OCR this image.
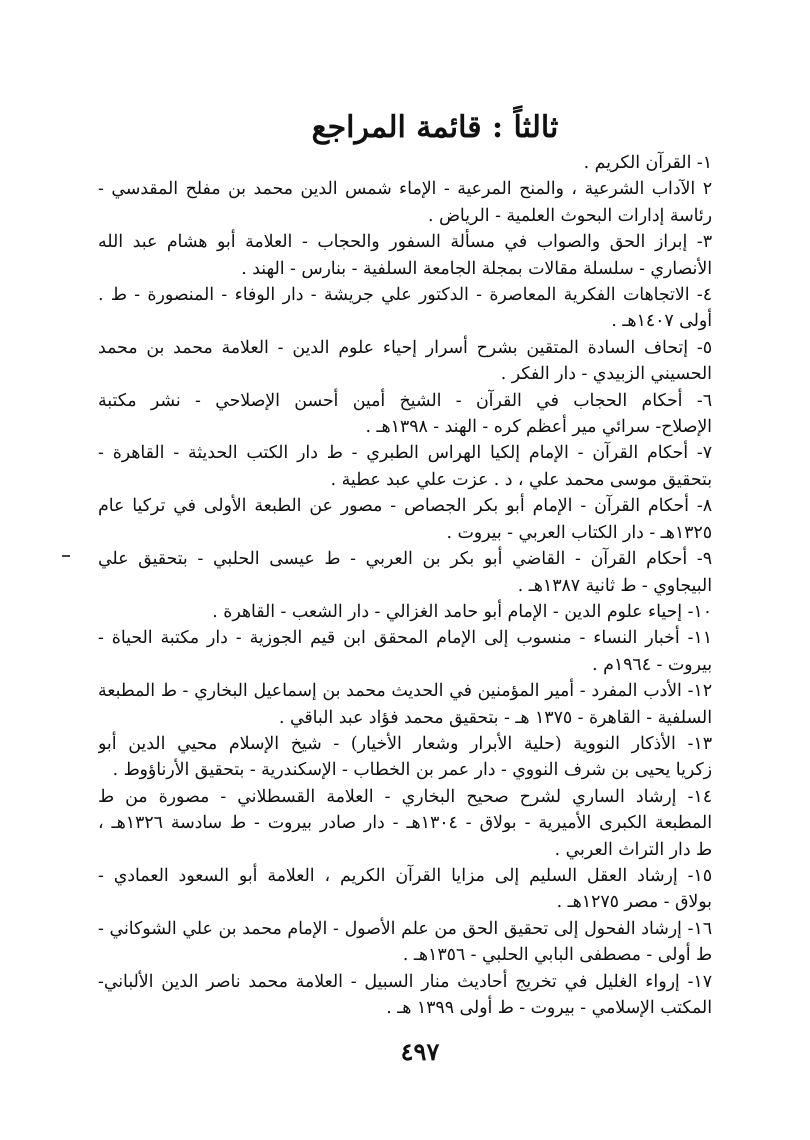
ثالثاً : قائمة المراجع
١- القرآن الكريم .
٢ الآداب الشرعية ، والمنح المرعية - الإماء شمس الدين محمد بن مفلح المقدسي -
رئاسة إدارات البحوث العلمية - الرياض .
٣- إبراز الحق والصواب في مسألة السفور والحجاب - العلامة أبو هشام عبد الله
الأنصاري - سلسلة مقالات بمجلة الجامعة السلفية - بنارس - الهند .
٤- الاتجاهات الفكرية المعاصرة - الدكتور علي جريشة - دار الوفاء - المنصورة - ط .
أولى ١٤٠٧هـ .
٥- إتحاف السادة المتقين بشرح أسرار إحياء علوم الدين - العلامة محمد بن محمد
الحسيني الزبيدي - دار الفكر .
٦- أحكام الحجاب في القرآن - الشيخ أمين أحسن الإصلاحي - نشر مكتبة
الإصلاح- سرائي مير أعظم كره - الهند - ١٣٩٨هـ .
٧- أحكام القرآن - الإمام إلكيا الهراس الطبري - ط دار الكتب الحديثة - القاهرة -
بتحقيق موسى محمد علي ، د . عزت علي عبد عطية .
٨- أحكام القرآن - الإمام أبو بكر الجصاص - مصور عن الطبعة الأولى في تركيا عام
١٣٢٥هـ - دار الكتاب العربي - بيروت .
٩- أحكام القرآن - القاضي أبو بكر بن العربي - ط عيسى الحلبي - بتحقيق علي
البيجاوي - ط ثانية ١٣٨٧هـ .
١٠- إحياء علوم الدين - الإمام أبو حامد الغزالي - دار الشعب - القاهرة .
١١- أخبار النساء - منسوب إلى الإمام المحقق ابن قيم الجوزية - دار مكتبة الحياة -
بيروت - ١٩٦٤م .
١٢- الأدب المفرد - أمير المؤمنين في الحديث محمد بن إسماعيل البخاري - ط المطبعة
السلفية - القاهرة - ١٣٧٥ هـ - بتحقيق محمد فؤاد عبد الباقي .
١٣- الأذكار النووية (حلية الأبرار وشعار الأخيار) - شيخ الإسلام محيي الدين أبو
زكريا يحيى بن شرف النووي - دار عمر بن الخطاب - الإسكندرية - بتحقيق الأرناؤوط .
١٤- إرشاد الساري لشرح صحيح البخاري - العلامة القسطلاني - مصورة من ط
المطبعة الكبرى الأميرية - بولاق - ١٣٠٤هـ - دار صادر بيروت - ط سادسة ١٣٢٦هـ ،
ط دار التراث العربي .
١٥- إرشاد العقل السليم إلى مزايا القرآن الكريم ، العلامة أبو السعود العمادي -
بولاق - مصر ١٢٧٥هـ .
١٦- إرشاد الفحول إلى تحقيق الحق من علم الأصول - الإمام محمد بن علي الشوكاني -
ط أولى - مصطفى البابي الحلبي - ١٣٥٦هـ .
١٧- إرواء الغليل في تخريج أحاديث منار السبيل - العلامة محمد ناصر الدين الألباني-
المكتب الإسلامي - بيروت - ط أولى ١٣٩٩ هـ .
٤٩٧
